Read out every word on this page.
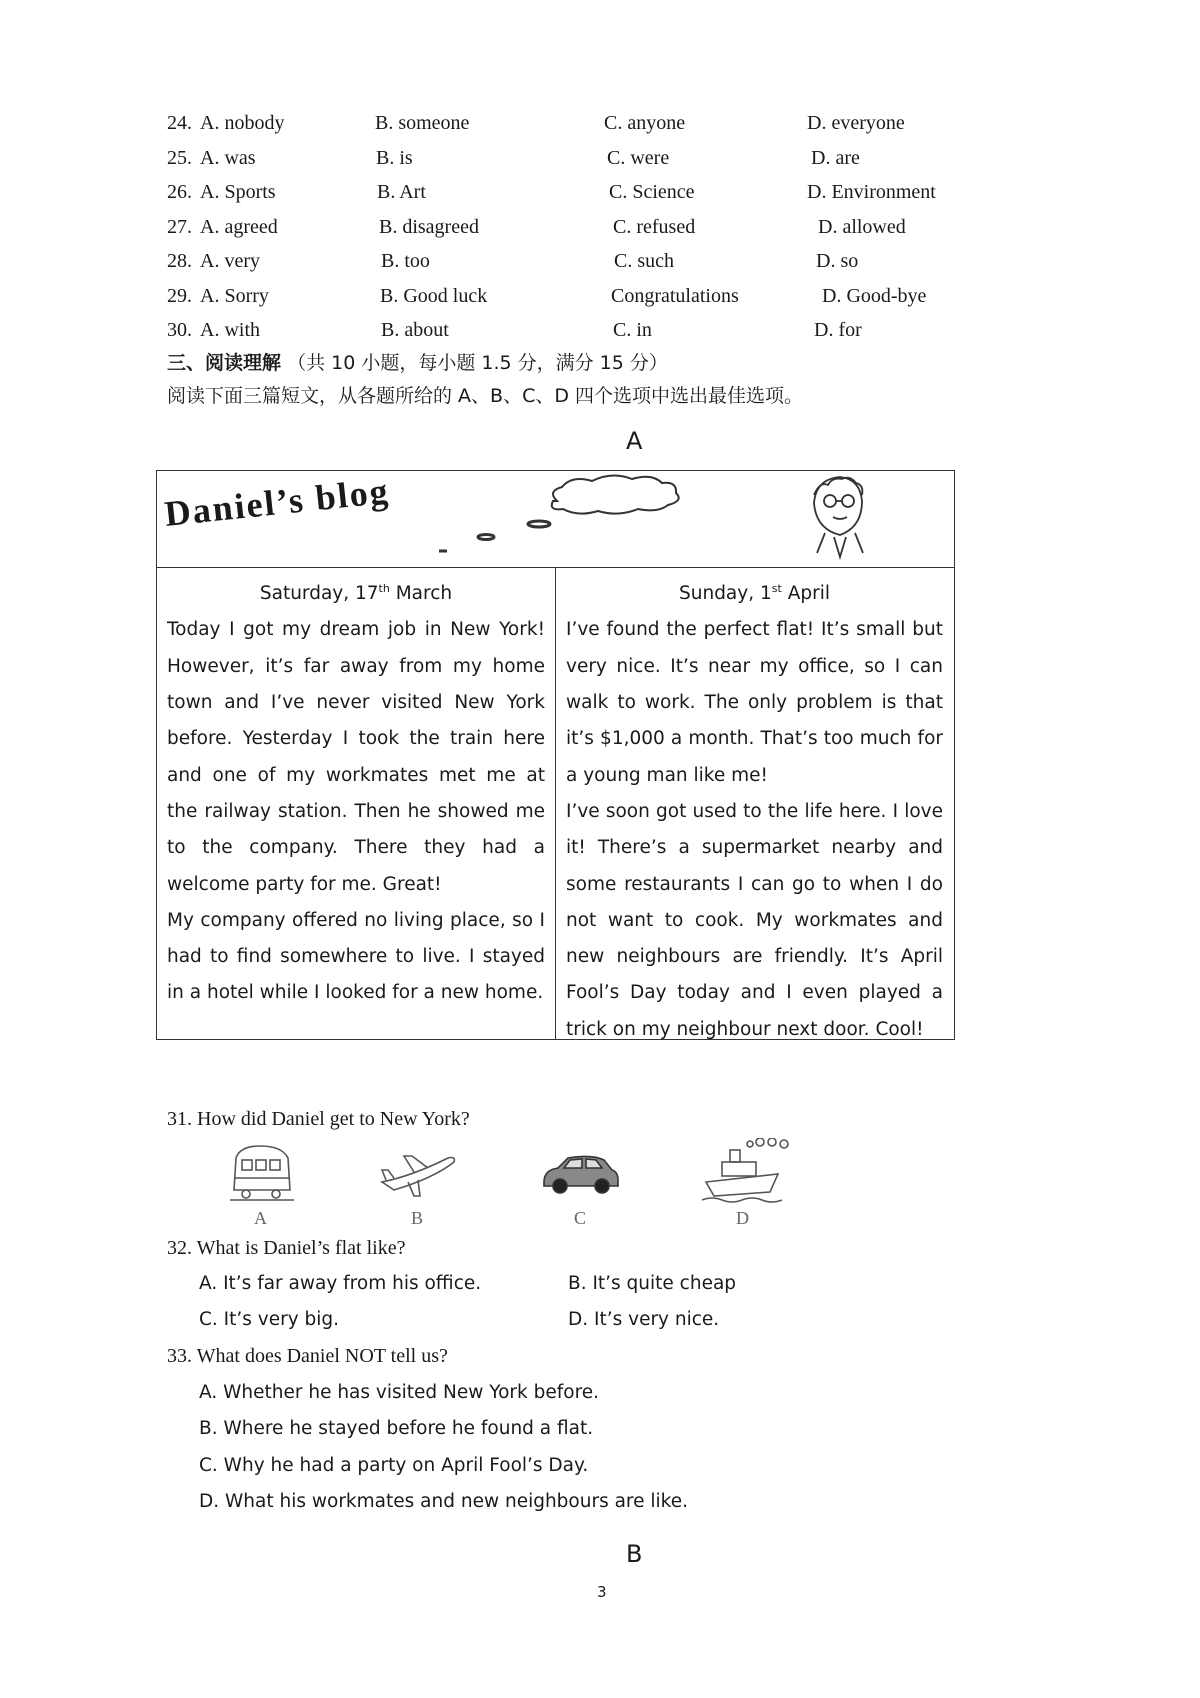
24. A. nobody	B. someone	C. anyone	D. everyone
25. A. was	B. is	C. were	D. are
26. A. Sports	B. Art	C. Science	D. Environment
27. A. agreed	B. disagreed	C. refused	D. allowed
28. A. very	B. too	C. such	D. so
29. A. Sorry	B. Good luck	Congratulations	D. Good-bye
30. A. with	B. about	C. in	D. for
三、阅读理解 （共 10 小题，每小题 1.5 分，满分 15 分）
阅读下面三篇短文，从各题所给的 A、B、C、D 四个选项中选出最佳选项。
A
Daniel’s blog
Saturday, 17th March

Today I got my dream job in New York! However, it’s far away from my home town and I’ve never visited New York before. Yesterday I took the train here and one of my workmates met me at the railway station. Then he showed me to the company. There they had a welcome party for me. Great!

My company offered no living place, so I had to find somewhere to live. I stayed in a hotel while I looked for a new home.

Sunday, 1st April

I’ve found the perfect flat! It’s small but very nice. It’s near my office, so I can walk to work. The only problem is that it’s $1,000 a month. That’s too much for a young man like me!

I’ve soon got used to the life here. I love it! There’s a supermarket nearby and some restaurants I can go to when I do not want to cook. My workmates and new neighbours are friendly. It’s April Fool’s Day today and I even played a trick on my neighbour next door. Cool!

31. How did Daniel get to New York?
A	B	C	D
32. What is Daniel’s flat like?
A. It’s far away from his office.	B. It’s quite cheap
C. It’s very big.	D. It’s very nice.
33. What does Daniel NOT tell us?
A. Whether he has visited New York before.
B. Where he stayed before he found a flat.
C. Why he had a party on April Fool’s Day.
D. What his workmates and new neighbours are like.
B
3
